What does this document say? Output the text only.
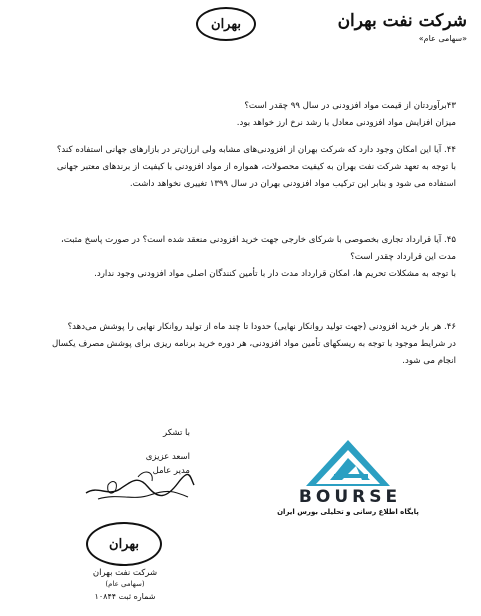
شرکت نفت بهران
«سهامی عام»
بهران
۴۳برآوردتان از قیمت مواد افزودنی در سال ۹۹ چقدر است؟
میزان افزایش مواد افزودنی معادل با رشد نرخ ارز خواهد بود.
۴۴. آیا این امکان وجود دارد که شرکت بهران از افزودنی‌های مشابه ولی ارزان‌تر در بازارهای جهانی استفاده کند؟
با توجه به تعهد شرکت نفت بهران به کیفیت محصولات، همواره از مواد افزودنی با کیفیت از برندهای معتبر جهانی
استفاده می شود و بنابر این ترکیب مواد افزودنی بهران در سال ۱۳۹۹ تغییری نخواهد داشت.
۴۵. آیا قرارداد تجاری بخصوصی با شرکای خارجی جهت خرید افزودنی منعقد شده است؟ در صورت پاسخ مثبت،
مدت این قرارداد چقدر است؟
با توجه به مشکلات تحریم ها، امکان قرارداد مدت دار با تأمین کنندگان اصلی مواد افزودنی وجود ندارد.
۴۶. هر بار خرید افزودنی (جهت تولید روانکار نهایی) حدودا تا چند ماه از تولید روانکار نهایی را پوشش می‌دهد؟
در شرایط موجود با توجه به ریسکهای تأمین مواد افزودنی، هر دوره خرید برنامه ریزی برای پوشش مصرف یکسال
انجام می شود.
با تشکر
اسعد عزیزی
مدیر عامل
بهران
شرکت نفت بهران
(سهامی عام)
شماره ثبت ۱۰۸۴۴
BOURSE
پایگاه اطلاع رسانی و تحلیلی بورس ایران
